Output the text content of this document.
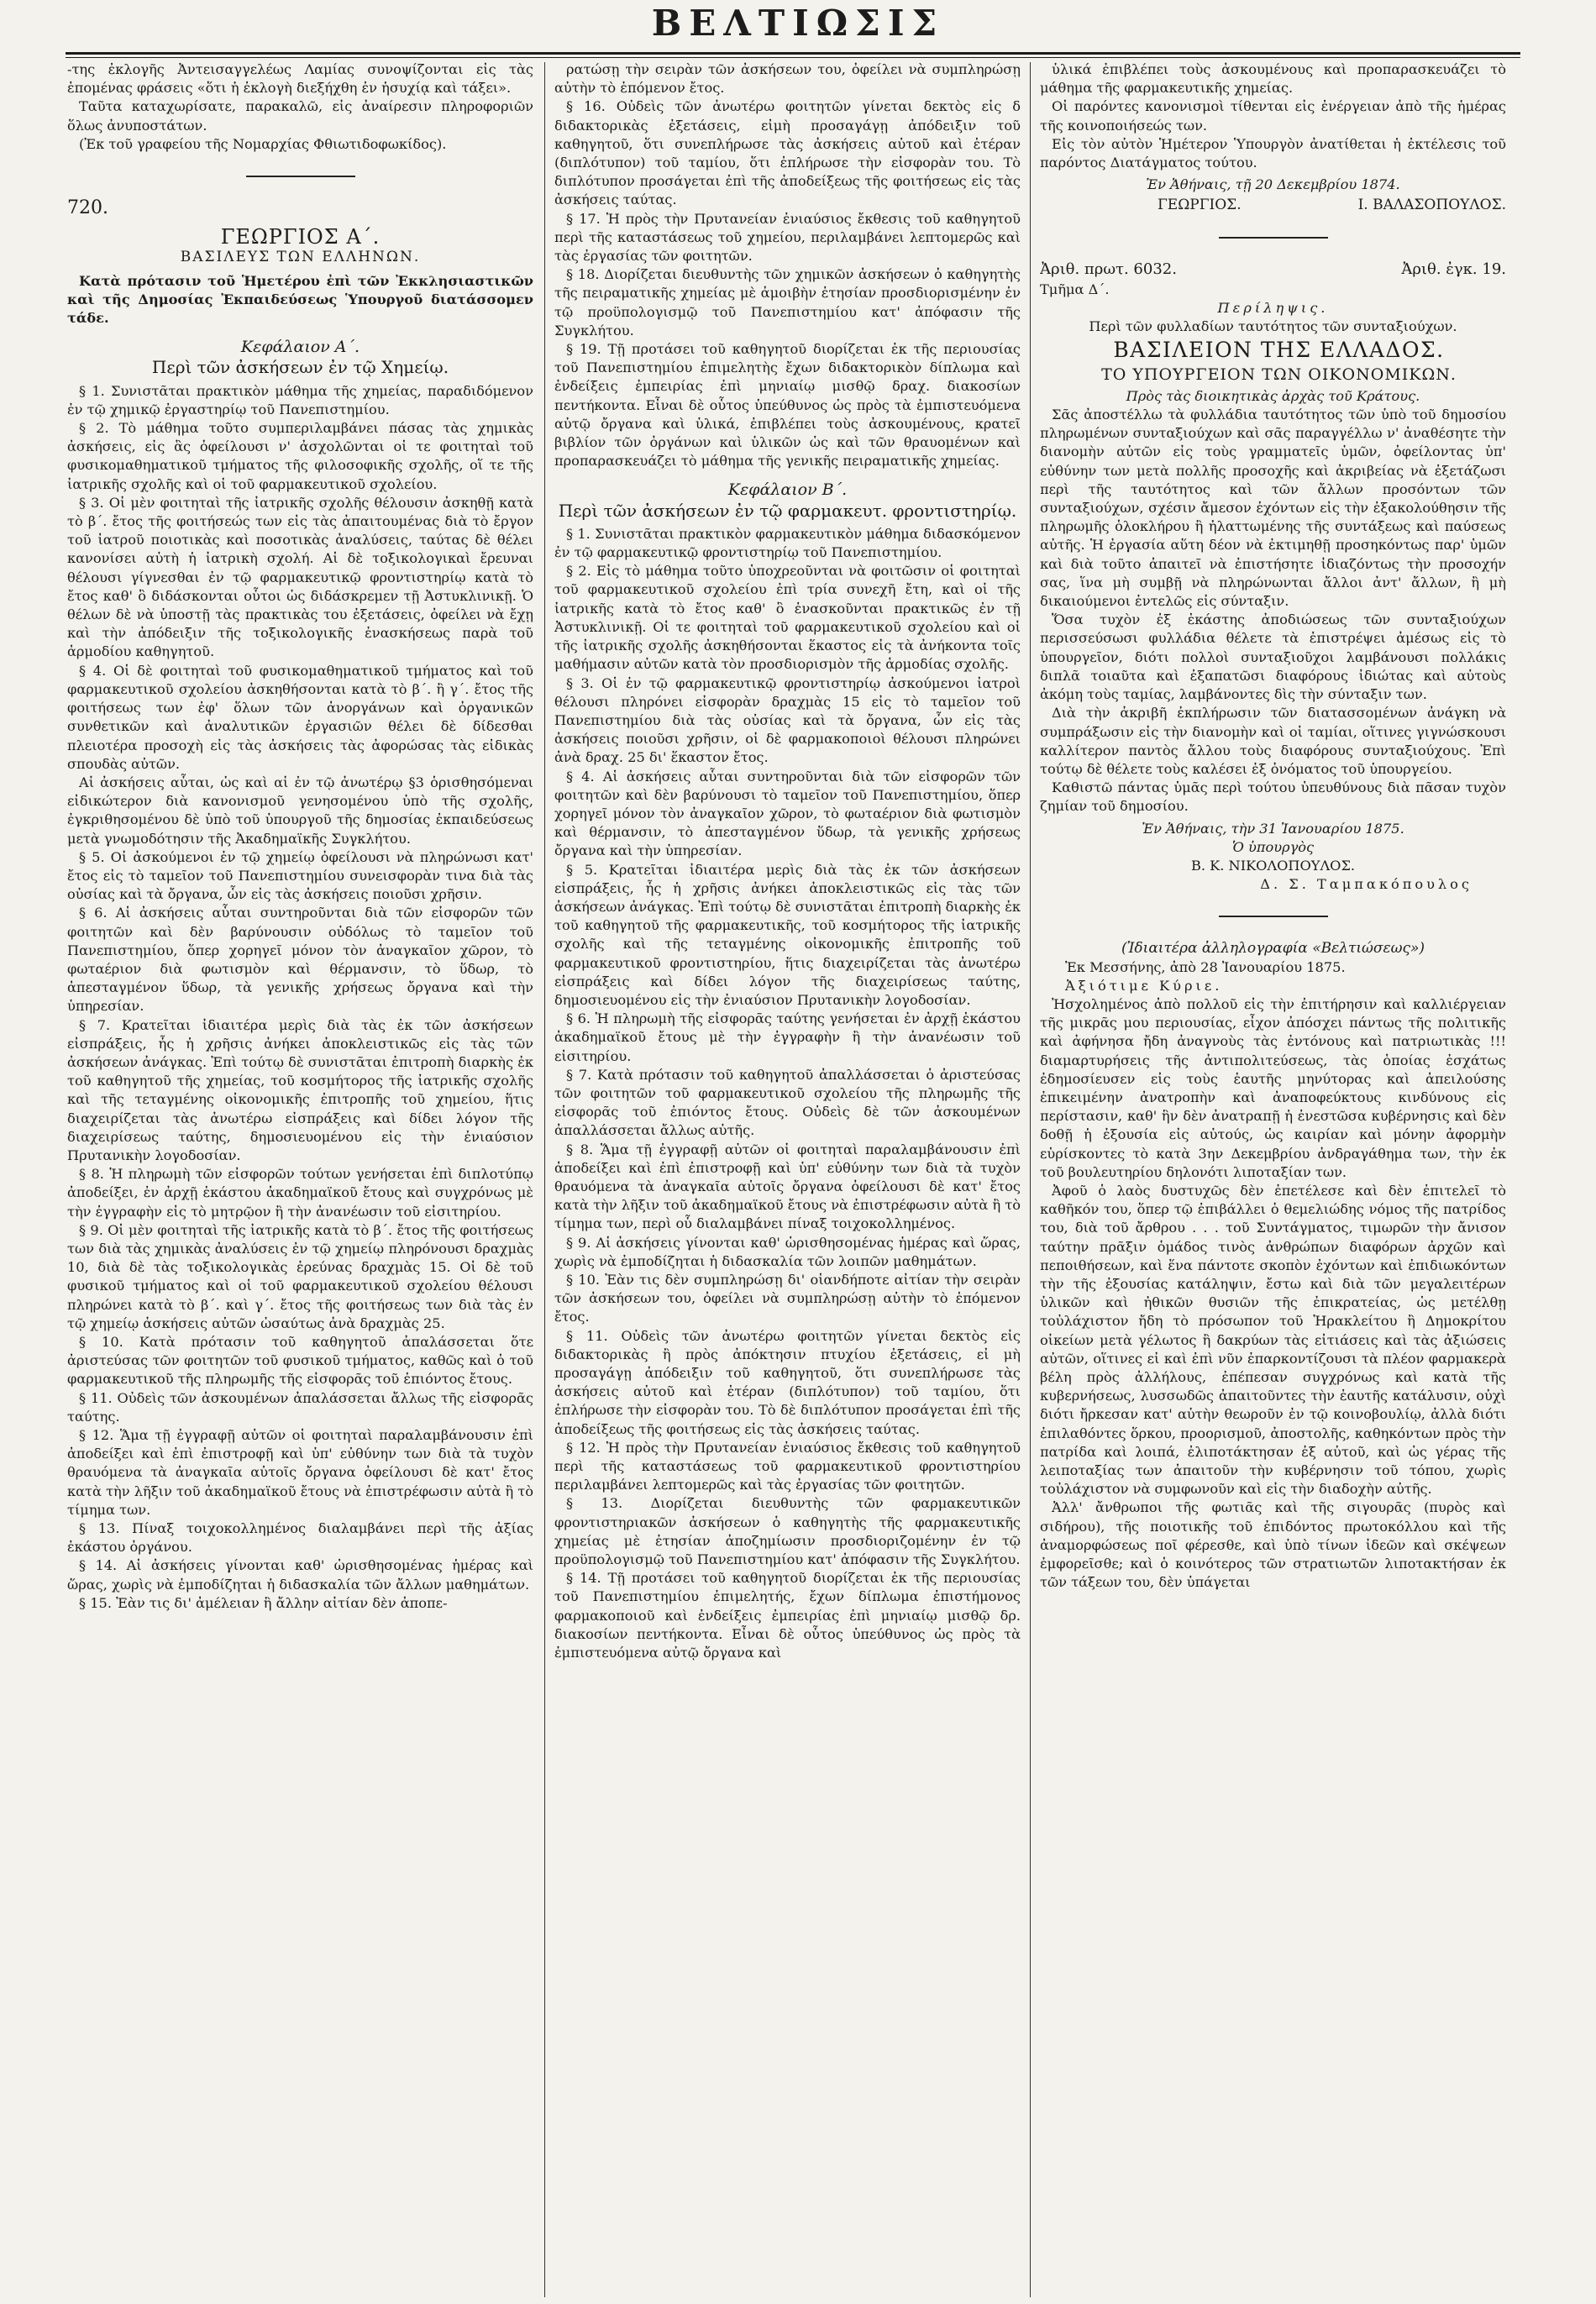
ΒΕΛΤΙΩΣΙΣ

-της ἐκλογῆς Ἀντεισαγγελέως Λαμίας συνοψίζονται εἰς τὰς ἑπομένας φράσεις «ὅτι ἡ ἐκλογὴ διεξήχθη ἐν ἡσυχίᾳ καὶ τάξει».

Ταῦτα καταχωρίσατε, παρακαλῶ, εἰς ἀναίρεσιν πληροφοριῶν ὅλως ἀνυποστάτων.

(Ἐκ τοῦ γραφείου τῆς Νομαρχίας Φθιωτιδοφωκίδος).

720.

ΓΕΩΡΓΙΟΣ Α΄.

ΒΑΣΙΛΕΥΣ ΤΩΝ ΕΛΛΗΝΩΝ.

Κατὰ πρότασιν τοῦ Ἡμετέρου ἐπὶ τῶν Ἐκκλησιαστικῶν καὶ τῆς Δημοσίας Ἐκπαιδεύσεως Ὑπουργοῦ διατάσσομεν τάδε.

Κεφάλαιον Α΄.

Περὶ τῶν ἀσκήσεων ἐν τῷ Χημείῳ.

§ 1. Συνιστᾶται πρακτικὸν μάθημα τῆς χημείας, παραδιδόμενον ἐν τῷ χημικῷ ἐργαστηρίῳ τοῦ Πανεπιστημίου.

§ 2. Τὸ μάθημα τοῦτο συμπεριλαμβάνει πάσας τὰς χημικὰς ἀσκήσεις, εἰς ἃς ὀφείλουσι ν' ἀσχολῶνται οἱ τε φοιτηταὶ τοῦ φυσικομαθηματικοῦ τμήματος τῆς φιλοσοφικῆς σχολῆς, οἵ τε τῆς ἰατρικῆς σχολῆς καὶ οἱ τοῦ φαρμακευτικοῦ σχολείου.

§ 3. Οἱ μὲν φοιτηταὶ τῆς ἰατρικῆς σχολῆς θέλουσιν ἀσκηθῇ κατὰ τὸ β΄. ἔτος τῆς φοιτήσεώς των εἰς τὰς ἀπαιτουμένας διὰ τὸ ἔργον τοῦ ἰατροῦ ποιοτικὰς καὶ ποσοτικὰς ἀναλύσεις, ταύτας δὲ θέλει κανονίσει αὐτὴ ἡ ἰατρικὴ σχολή. Αἱ δὲ τοξικολογικαὶ ἔρευναι θέλουσι γίγνεσθαι ἐν τῷ φαρμακευτικῷ φροντιστηρίῳ κατὰ τὸ ἔτος καθ' ὃ διδάσκονται οὗτοι ὡς διδάσκρεμεν τῇ Ἀστυκλινικῇ. Ὁ θέλων δὲ νὰ ὑποστῇ τὰς πρακτικὰς του ἐξετάσεις, ὀφείλει νὰ ἔχῃ καὶ τὴν ἀπόδειξιν τῆς τοξικολογικῆς ἐνασκήσεως παρὰ τοῦ ἁρμοδίου καθηγητοῦ.

§ 4. Οἱ δὲ φοιτηταὶ τοῦ φυσικομαθηματικοῦ τμήματος καὶ τοῦ φαρμακευτικοῦ σχολείου ἀσκηθήσονται κατὰ τὸ β΄. ἢ γ΄. ἔτος τῆς φοιτήσεως των ἐφ' ὅλων τῶν ἀνοργάνων καὶ ὀργανικῶν συνθετικῶν καὶ ἀναλυτικῶν ἐργασιῶν θέλει δὲ δίδεσθαι πλειοτέρα προσοχὴ εἰς τὰς ἀσκήσεις τὰς ἀφορώσας τὰς εἰδικὰς σπουδὰς αὐτῶν.

Αἱ ἀσκήσεις αὗται, ὡς καὶ αἱ ἐν τῷ ἀνωτέρῳ §3 ὁρισθησόμεναι εἰδικώτερον διὰ κανονισμοῦ γενησομένου ὑπὸ τῆς σχολῆς, ἐγκριθησομένου δὲ ὑπὸ τοῦ ὑπουργοῦ τῆς δημοσίας ἐκπαιδεύσεως μετὰ γνωμοδότησιν τῆς Ἀκαδημαϊκῆς Συγκλήτου.

§ 5. Οἱ ἀσκούμενοι ἐν τῷ χημείῳ ὀφείλουσι νὰ πληρώνωσι κατ' ἔτος εἰς τὸ ταμεῖον τοῦ Πανεπιστημίου συνεισφορὰν τινα διὰ τὰς οὐσίας καὶ τὰ ὄργανα, ὧν εἰς τὰς ἀσκήσεις ποιοῦσι χρῆσιν.

§ 6. Αἱ ἀσκήσεις αὗται συντηροῦνται διὰ τῶν εἰσφορῶν τῶν φοιτητῶν καὶ δὲν βαρύνουσιν οὐδόλως τὸ ταμεῖον τοῦ Πανεπιστημίου, ὅπερ χορηγεῖ μόνον τὸν ἀναγκαῖον χῶρον, τὸ φωταέριον διὰ φωτισμὸν καὶ θέρμανσιν, τὸ ὕδωρ, τὸ ἀπεσταγμένον ὕδωρ, τὰ γενικῆς χρήσεως ὄργανα καὶ τὴν ὑπηρεσίαν.

§ 7. Κρατεῖται ἰδιαιτέρα μερὶς διὰ τὰς ἐκ τῶν ἀσκήσεων εἰσπράξεις, ἧς ἡ χρῆσις ἀνήκει ἀποκλειστικῶς εἰς τὰς τῶν ἀσκήσεων ἀνάγκας. Ἐπὶ τούτῳ δὲ συνιστᾶται ἐπιτροπὴ διαρκὴς ἐκ τοῦ καθηγητοῦ τῆς χημείας, τοῦ κοσμήτορος τῆς ἰατρικῆς σχολῆς καὶ τῆς τεταγμένης οἰκονομικῆς ἐπιτροπῆς τοῦ χημείου, ἥτις διαχειρίζεται τὰς ἀνωτέρω εἰσπράξεις καὶ δίδει λόγον τῆς διαχειρίσεως ταύτης, δημοσιευομένου εἰς τὴν ἐνιαύσιον Πρυτανικὴν λογοδοσίαν.

§ 8. Ἡ πληρωμὴ τῶν εἰσφορῶν τούτων γενήσεται ἐπὶ διπλοτύπῳ ἀποδείξει, ἐν ἀρχῇ ἑκάστου ἀκαδημαϊκοῦ ἔτους καὶ συγχρόνως μὲ τὴν ἐγγραφὴν εἰς τὸ μητρῷον ἢ τὴν ἀνανέωσιν τοῦ εἰσιτηρίου.

§ 9. Οἱ μὲν φοιτηταὶ τῆς ἰατρικῆς κατὰ τὸ β΄. ἔτος τῆς φοιτήσεως των διὰ τὰς χημικὰς ἀναλύσεις ἐν τῷ χημείῳ πληρόνουσι δραχμὰς 10, διὰ δὲ τὰς τοξικολογικὰς ἐρεύνας δραχμὰς 15. Οἱ δὲ τοῦ φυσικοῦ τμήματος καὶ οἱ τοῦ φαρμακευτικοῦ σχολείου θέλουσι πληρώνει κατὰ τὸ β΄. καὶ γ΄. ἔτος τῆς φοιτήσεως των διὰ τὰς ἐν τῷ χημείῳ ἀσκήσεις αὐτῶν ὡσαύτως ἀνὰ δραχμὰς 25.

§ 10. Κατὰ πρότασιν τοῦ καθηγητοῦ ἀπαλάσσεται ὅτε ἀριστεύσας τῶν φοιτητῶν τοῦ φυσικοῦ τμήματος, καθῶς καὶ ὁ τοῦ φαρμακευτικοῦ τῆς πληρωμῆς τῆς εἰσφορᾶς τοῦ ἐπιόντος ἔτους.

§ 11. Οὐδεὶς τῶν ἀσκουμένων ἀπαλάσσεται ἄλλως τῆς εἰσφορᾶς ταύτης.

§ 12. Ἅμα τῇ ἐγγραφῇ αὐτῶν οἱ φοιτηταὶ παραλαμβάνουσιν ἐπὶ ἀποδείξει καὶ ἐπὶ ἐπιστροφῇ καὶ ὑπ' εὐθύνην των διὰ τὰ τυχὸν θραυόμενα τὰ ἀναγκαῖα αὐτοῖς ὄργανα ὀφείλουσι δὲ κατ' ἔτος κατὰ τὴν λῆξιν τοῦ ἀκαδημαϊκοῦ ἔτους νὰ ἐπιστρέφωσιν αὐτὰ ἢ τὸ τίμημα των.

§ 13. Πίναξ τοιχοκολλημένος διαλαμβάνει περὶ τῆς ἀξίας ἑκάστου ὀργάνου.

§ 14. Αἱ ἀσκήσεις γίνονται καθ' ὡρισθησομένας ἡμέρας καὶ ὥρας, χωρὶς νὰ ἐμποδίζηται ἡ διδασκαλία τῶν ἄλλων μαθημάτων.

§ 15. Ἐὰν τις δι' ἀμέλειαν ἢ ἄλλην αἰτίαν δὲν ἀποπε-

ρατώσῃ τὴν σειρὰν τῶν ἀσκήσεων του, ὀφείλει νὰ συμπληρώσῃ αὐτὴν τὸ ἑπόμενον ἔτος.

§ 16. Οὐδεὶς τῶν ἀνωτέρω φοιτητῶν γίνεται δεκτὸς εἰς δ διδακτορικὰς ἐξετάσεις, εἰμὴ προσαγάγῃ ἀπόδειξιν τοῦ καθηγητοῦ, ὅτι συνεπλήρωσε τὰς ἀσκήσεις αὐτοῦ καὶ ἑτέραν (διπλότυπον) τοῦ ταμίου, ὅτι ἐπλήρωσε τὴν εἰσφορὰν του. Τὸ διπλότυπον προσάγεται ἐπὶ τῆς ἀποδείξεως τῆς φοιτήσεως εἰς τὰς ἀσκήσεις ταύτας.

§ 17. Ἡ πρὸς τὴν Πρυτανείαν ἐνιαύσιος ἔκθεσις τοῦ καθηγητοῦ περὶ τῆς καταστάσεως τοῦ χημείου, περιλαμβάνει λεπτομερῶς καὶ τὰς ἐργασίας τῶν φοιτητῶν.

§ 18. Διορίζεται διευθυντὴς τῶν χημικῶν ἀσκήσεων ὁ καθηγητὴς τῆς πειραματικῆς χημείας μὲ ἀμοιβὴν ἐτησίαν προσδιορισμένην ἐν τῷ προϋπολογισμῷ τοῦ Πανεπιστημίου κατ' ἀπόφασιν τῆς Συγκλήτου.

§ 19. Τῇ προτάσει τοῦ καθηγητοῦ διορίζεται ἐκ τῆς περιουσίας τοῦ Πανεπιστημίου ἐπιμελητὴς ἔχων διδακτορικὸν δίπλωμα καὶ ἐνδείξεις ἐμπειρίας ἐπὶ μηνιαίῳ μισθῷ δραχ. διακοσίων πεντήκοντα. Εἶναι δὲ οὗτος ὑπεύθυνος ὡς πρὸς τὰ ἐμπιστευόμενα αὐτῷ ὄργανα καὶ ὑλικά, ἐπιβλέπει τοὺς ἀσκουμένους, κρατεῖ βιβλίον τῶν ὀργάνων καὶ ὑλικῶν ὡς καὶ τῶν θραυομένων καὶ προπαρασκευάζει τὸ μάθημα τῆς γενικῆς πειραματικῆς χημείας.

Κεφάλαιον Β΄.

Περὶ τῶν ἀσκήσεων ἐν τῷ φαρμακευτ. φροντιστηρίῳ.

§ 1. Συνιστᾶται πρακτικὸν φαρμακευτικὸν μάθημα διδασκόμενον ἐν τῷ φαρμακευτικῷ φροντιστηρίῳ τοῦ Πανεπιστημίου.

§ 2. Εἰς τὸ μάθημα τοῦτο ὑποχρεοῦνται νὰ φοιτῶσιν οἱ φοιτηταὶ τοῦ φαρμακευτικοῦ σχολείου ἐπὶ τρία συνεχῆ ἔτη, καὶ οἱ τῆς ἰατρικῆς κατὰ τὸ ἔτος καθ' ὃ ἐνασκοῦνται πρακτικῶς ἐν τῇ Ἀστυκλινικῇ. Οἱ τε φοιτηταὶ τοῦ φαρμακευτικοῦ σχολείου καὶ οἱ τῆς ἰατρικῆς σχολῆς ἀσκηθήσονται ἕκαστος εἰς τὰ ἀνήκοντα τοῖς μαθήμασιν αὐτῶν κατὰ τὸν προσδιορισμὸν τῆς ἁρμοδίας σχολῆς.

§ 3. Οἱ ἐν τῷ φαρμακευτικῷ φροντιστηρίῳ ἀσκούμενοι ἰατροὶ θέλουσι πληρόνει εἰσφορὰν δραχμὰς 15 εἰς τὸ ταμεῖον τοῦ Πανεπιστημίου διὰ τὰς οὐσίας καὶ τὰ ὄργανα, ὧν εἰς τὰς ἀσκήσεις ποιοῦσι χρῆσιν, οἱ δὲ φαρμακοποιοὶ θέλουσι πληρώνει ἀνὰ δραχ. 25 δι' ἕκαστον ἔτος.

§ 4. Αἱ ἀσκήσεις αὗται συντηροῦνται διὰ τῶν εἰσφορῶν τῶν φοιτητῶν καὶ δὲν βαρύνουσι τὸ ταμεῖον τοῦ Πανεπιστημίου, ὅπερ χορηγεῖ μόνον τὸν ἀναγκαῖον χῶρον, τὸ φωταέριον διὰ φωτισμὸν καὶ θέρμανσιν, τὸ ἀπεσταγμένον ὕδωρ, τὰ γενικῆς χρήσεως ὄργανα καὶ τὴν ὑπηρεσίαν.

§ 5. Κρατεῖται ἰδιαιτέρα μερὶς διὰ τὰς ἐκ τῶν ἀσκήσεων εἰσπράξεις, ἧς ἡ χρῆσις ἀνήκει ἀποκλειστικῶς εἰς τὰς τῶν ἀσκήσεων ἀνάγκας. Ἐπὶ τούτῳ δὲ συνιστᾶται ἐπιτροπὴ διαρκὴς ἐκ τοῦ καθηγητοῦ τῆς φαρμακευτικῆς, τοῦ κοσμήτορος τῆς ἰατρικῆς σχολῆς καὶ τῆς τεταγμένης οἰκονομικῆς ἐπιτροπῆς τοῦ φαρμακευτικοῦ φροντιστηρίου, ἥτις διαχειρίζεται τὰς ἀνωτέρω εἰσπράξεις καὶ δίδει λόγον τῆς διαχειρίσεως ταύτης, δημοσιευομένου εἰς τὴν ἐνιαύσιον Πρυτανικὴν λογοδοσίαν.

§ 6. Ἡ πληρωμὴ τῆς εἰσφορᾶς ταύτης γενήσεται ἐν ἀρχῇ ἑκάστου ἀκαδημαϊκοῦ ἔτους μὲ τὴν ἐγγραφὴν ἢ τὴν ἀνανέωσιν τοῦ εἰσιτηρίου.

§ 7. Κατὰ πρότασιν τοῦ καθηγητοῦ ἀπαλλάσσεται ὁ ἀριστεύσας τῶν φοιτητῶν τοῦ φαρμακευτικοῦ σχολείου τῆς πληρωμῆς τῆς εἰσφορᾶς τοῦ ἐπιόντος ἔτους. Οὐδεὶς δὲ τῶν ἀσκουμένων ἀπαλλάσσεται ἄλλως αὐτῆς.

§ 8. Ἅμα τῇ ἐγγραφῇ αὐτῶν οἱ φοιτηταὶ παραλαμβάνουσιν ἐπὶ ἀποδείξει καὶ ἐπὶ ἐπιστροφῇ καὶ ὑπ' εὐθύνην των διὰ τὰ τυχὸν θραυόμενα τὰ ἀναγκαῖα αὐτοῖς ὄργανα ὀφείλουσι δὲ κατ' ἔτος κατὰ τὴν λῆξιν τοῦ ἀκαδημαϊκοῦ ἔτους νὰ ἐπιστρέφωσιν αὐτὰ ἢ τὸ τίμημα των, περὶ οὗ διαλαμβάνει πίναξ τοιχοκολλημένος.

§ 9. Αἱ ἀσκήσεις γίνονται καθ' ὡρισθησομένας ἡμέρας καὶ ὥρας, χωρὶς νὰ ἐμποδίζηται ἡ διδασκαλία τῶν λοιπῶν μαθημάτων.

§ 10. Ἐὰν τις δὲν συμπληρώσῃ δι' οἱανδήποτε αἰτίαν τὴν σειρὰν τῶν ἀσκήσεων του, ὀφείλει νὰ συμπληρώσῃ αὐτὴν τὸ ἑπόμενον ἔτος.

§ 11. Οὐδεὶς τῶν ἀνωτέρω φοιτητῶν γίνεται δεκτὸς εἰς διδακτορικὰς ἢ πρὸς ἀπόκτησιν πτυχίου ἐξετάσεις, εἰ μὴ προσαγάγῃ ἀπόδειξιν τοῦ καθηγητοῦ, ὅτι συνεπλήρωσε τὰς ἀσκήσεις αὐτοῦ καὶ ἑτέραν (διπλότυπον) τοῦ ταμίου, ὅτι ἐπλήρωσε τὴν εἰσφορὰν του. Τὸ δὲ διπλότυπον προσάγεται ἐπὶ τῆς ἀποδείξεως τῆς φοιτήσεως εἰς τὰς ἀσκήσεις ταύτας.

§ 12. Ἡ πρὸς τὴν Πρυτανείαν ἐνιαύσιος ἔκθεσις τοῦ καθηγητοῦ περὶ τῆς καταστάσεως τοῦ φαρμακευτικοῦ φροντιστηρίου περιλαμβάνει λεπτομερῶς καὶ τὰς ἐργασίας τῶν φοιτητῶν.

§ 13. Διορίζεται διευθυντὴς τῶν φαρμακευτικῶν φροντιστηριακῶν ἀσκήσεων ὁ καθηγητὴς τῆς φαρμακευτικῆς χημείας μὲ ἐτησίαν ἀποζημίωσιν προσδιοριζομένην ἐν τῷ προϋπολογισμῷ τοῦ Πανεπιστημίου κατ' ἀπόφασιν τῆς Συγκλήτου.

§ 14. Τῇ προτάσει τοῦ καθηγητοῦ διορίζεται ἐκ τῆς περιουσίας τοῦ Πανεπιστημίου ἐπιμελητής, ἔχων δίπλωμα ἐπιστήμονος φαρμακοποιοῦ καὶ ἐνδείξεις ἐμπειρίας ἐπὶ μηνιαίῳ μισθῷ δρ. διακοσίων πεντήκοντα. Εἶναι δὲ οὗτος ὑπεύθυνος ὡς πρὸς τὰ ἐμπιστευόμενα αὐτῷ ὄργανα καὶ

ὑλικά ἐπιβλέπει τοὺς ἀσκουμένους καὶ προπαρασκευάζει τὸ μάθημα τῆς φαρμακευτικῆς χημείας.

Οἱ παρόντες κανονισμοὶ τίθενται εἰς ἐνέργειαν ἀπὸ τῆς ἡμέρας τῆς κοινοποιήσεώς των.

Εἰς τὸν αὐτὸν Ἡμέτερον Ὑπουργὸν ἀνατίθεται ἡ ἐκτέλεσις τοῦ παρόντος Διατάγματος τούτου.

Ἐν Ἀθήναις, τῇ 20 Δεκεμβρίου 1874.

ΓΕΩΡΓΙΟΣ.	Ι. ΒΑΛΑΣΟΠΟΥΛΟΣ.
Ἀριθ. πρωτ. 6032.	Ἀριθ. ἐγκ. 19.

Τμῆμα Δ΄.

Περίληψις.

Περὶ τῶν φυλλαδίων ταυτότητος τῶν συνταξιούχων.

ΒΑΣΙΛΕΙΟΝ ΤΗΣ ΕΛΛΑΔΟΣ.

ΤΟ ΥΠΟΥΡΓΕΙΟΝ ΤΩΝ ΟΙΚΟΝΟΜΙΚΩΝ.

Πρὸς τὰς διοικητικὰς ἀρχὰς τοῦ Κράτους.

Σᾶς ἀποστέλλω τὰ φυλλάδια ταυτότητος τῶν ὑπὸ τοῦ δημοσίου πληρωμένων συνταξιούχων καὶ σᾶς παραγγέλλω ν' ἀναθέσητε τὴν διανομὴν αὐτῶν εἰς τοὺς γραμματεῖς ὑμῶν, ὀφείλοντας ὑπ' εὐθύνην των μετὰ πολλῆς προσοχῆς καὶ ἀκριβείας νὰ ἐξετάζωσι περὶ τῆς ταυτότητος καὶ τῶν ἄλλων προσόντων τῶν συνταξιούχων, σχέσιν ἄμεσον ἐχόντων εἰς τὴν ἐξακολούθησιν τῆς πληρωμῆς ὁλοκλήρου ἢ ἠλαττωμένης τῆς συντάξεως καὶ παύσεως αὐτῆς. Ἡ ἐργασία αὕτη δέον νὰ ἐκτιμηθῇ προσηκόντως παρ' ὑμῶν καὶ διὰ τοῦτο ἀπαιτεῖ νὰ ἐπιστήσητε ἰδιαζόντως τὴν προσοχήν σας, ἵνα μὴ συμβῇ νὰ πληρώνωνται ἄλλοι ἀντ' ἄλλων, ἢ μὴ δικαιούμενοι ἐντελῶς εἰς σύνταξιν.

Ὅσα τυχὸν ἐξ ἑκάστης ἀποδιώσεως τῶν συνταξιούχων περισσεύσωσι φυλλάδια θέλετε τὰ ἐπιστρέψει ἀμέσως εἰς τὸ ὑπουργεῖον, διότι πολλοὶ συνταξιοῦχοι λαμβάνουσι πολλάκις διπλᾶ τοιαῦτα καὶ ἐξαπατῶσι διαφόρους ἰδιώτας καὶ αὐτοὺς ἀκόμη τοὺς ταμίας, λαμβάνοντες δὶς τὴν σύνταξιν των.

Διὰ τὴν ἀκριβῆ ἐκπλήρωσιν τῶν διατασσομένων ἀνάγκη νὰ συμπράξωσιν εἰς τὴν διανομὴν καὶ οἱ ταμίαι, οἵτινες γιγνώσκουσι καλλίτερον παντὸς ἄλλου τοὺς διαφόρους συνταξιούχους. Ἐπὶ τούτῳ δὲ θέλετε τοὺς καλέσει ἐξ ὀνόματος τοῦ ὑπουργείου.

Καθιστῶ πάντας ὑμᾶς περὶ τούτου ὑπευθύνους διὰ πᾶσαν τυχὸν ζημίαν τοῦ δημοσίου.

Ἐν Ἀθήναις, τὴν 31 Ἰανουαρίου 1875.

Ὁ ὑπουργὸς

Β. Κ. ΝΙΚΟΛΟΠΟΥΛΟΣ.

Δ. Σ. Ταμπακόπουλος

(Ἰδιαιτέρα ἀλληλογραφία «Βελτιώσεως»)

Ἐκ Μεσσήνης, ἀπὸ 28 Ἰανουαρίου 1875.

Ἀξιότιμε Κύριε.

Ἠσχολημένος ἀπὸ πολλοῦ εἰς τὴν ἐπιτήρησιν καὶ καλλιέργειαν τῆς μικρᾶς μου περιουσίας, εἶχον ἀπόσχει πάντως τῆς πολιτικῆς καὶ ἀφήνησα ἤδη ἀναγνοὺς τὰς ἐντόνους καὶ πατριωτικὰς !!! διαμαρτυρήσεις τῆς ἀντιπολιτεύσεως, τὰς ὁποίας ἐσχάτως ἐδημοσίευσεν εἰς τοὺς ἑαυτῆς μηνύτορας καὶ ἀπειλούσης ἐπικειμένην ἀνατροπὴν καὶ ἀναποφεύκτους κινδύνους εἰς περίστασιν, καθ' ἣν δὲν ἀνατραπῇ ἡ ἐνεστῶσα κυβέρνησις καὶ δὲν δοθῇ ἡ ἐξουσία εἰς αὐτούς, ὡς καιρίαν καὶ μόνην ἀφορμὴν εὑρίσκοντες τὸ κατὰ 3ην Δεκεμβρίου ἀνδραγάθημα των, τὴν ἐκ τοῦ βουλευτηρίου δηλονότι λιποταξίαν των.

Ἀφοῦ ὁ λαὸς δυστυχῶς δὲν ἐπετέλεσε καὶ δὲν ἐπιτελεῖ τὸ καθῆκόν του, ὅπερ τῷ ἐπιβάλλει ὁ θεμελιώδης νόμος τῆς πατρίδος του, διὰ τοῦ ἄρθρου . . . τοῦ Συντάγματος, τιμωρῶν τὴν ἄνισον ταύτην πρᾶξιν ὁμάδος τινὸς ἀνθρώπων διαφόρων ἀρχῶν καὶ πεποιθήσεων, καὶ ἕνα πάντοτε σκοπὸν ἐχόντων καὶ ἐπιδιωκόντων τὴν τῆς ἐξουσίας κατάληψιν, ἔστω καὶ διὰ τῶν μεγαλειτέρων ὑλικῶν καὶ ἠθικῶν θυσιῶν τῆς ἐπικρατείας, ὡς μετέλθῃ τοὐλάχιστον ἤδη τὸ πρόσωπον τοῦ Ἡρακλείτου ἢ Δημοκρίτου οἰκείων μετὰ γέλωτος ἢ δακρύων τὰς εἰτιάσεις καὶ τὰς ἀξιώσεις αὐτῶν, οἵτινες εἰ καὶ ἐπὶ νῦν ἐπαρκοντίζουσι τὰ πλέον φαρμακερὰ βέλη πρὸς ἀλλήλους, ἐπέπεσαν συγχρόνως καὶ κατὰ τῆς κυβερνήσεως, λυσσωδῶς ἀπαιτοῦντες τὴν ἑαυτῆς κατάλυσιν, οὐχὶ διότι ἤρκεσαν κατ' αὐτὴν θεωροῦν ἐν τῷ κοινοβουλίῳ, ἀλλὰ διότι ἐπιλαθόντες ὅρκου, προορισμοῦ, ἀποστολῆς, καθηκόντων πρὸς τὴν πατρίδα καὶ λοιπά, ἐλιποτάκτησαν ἐξ αὐτοῦ, καὶ ὡς γέρας τῆς λειποταξίας των ἀπαιτοῦν τὴν κυβέρνησιν τοῦ τόπου, χωρὶς τοὐλάχιστον νὰ συμφωνοῦν καὶ εἰς τὴν διαδοχὴν αὐτῆς.

Ἀλλ' ἄνθρωποι τῆς φωτιᾶς καὶ τῆς σιγουρᾶς (πυρὸς καὶ σιδήρου), τῆς ποιοτικῆς τοῦ ἐπιδόντος πρωτοκόλλου καὶ τῆς ἀναμορφώσεως ποῖ φέρεσθε, καὶ ὑπὸ τίνων ἰδεῶν καὶ σκέψεων ἐμφορεῖσθε; καὶ ὁ κοινότερος τῶν στρατιωτῶν λιποτακτήσαν ἐκ τῶν τάξεων του, δὲν ὑπάγεται
